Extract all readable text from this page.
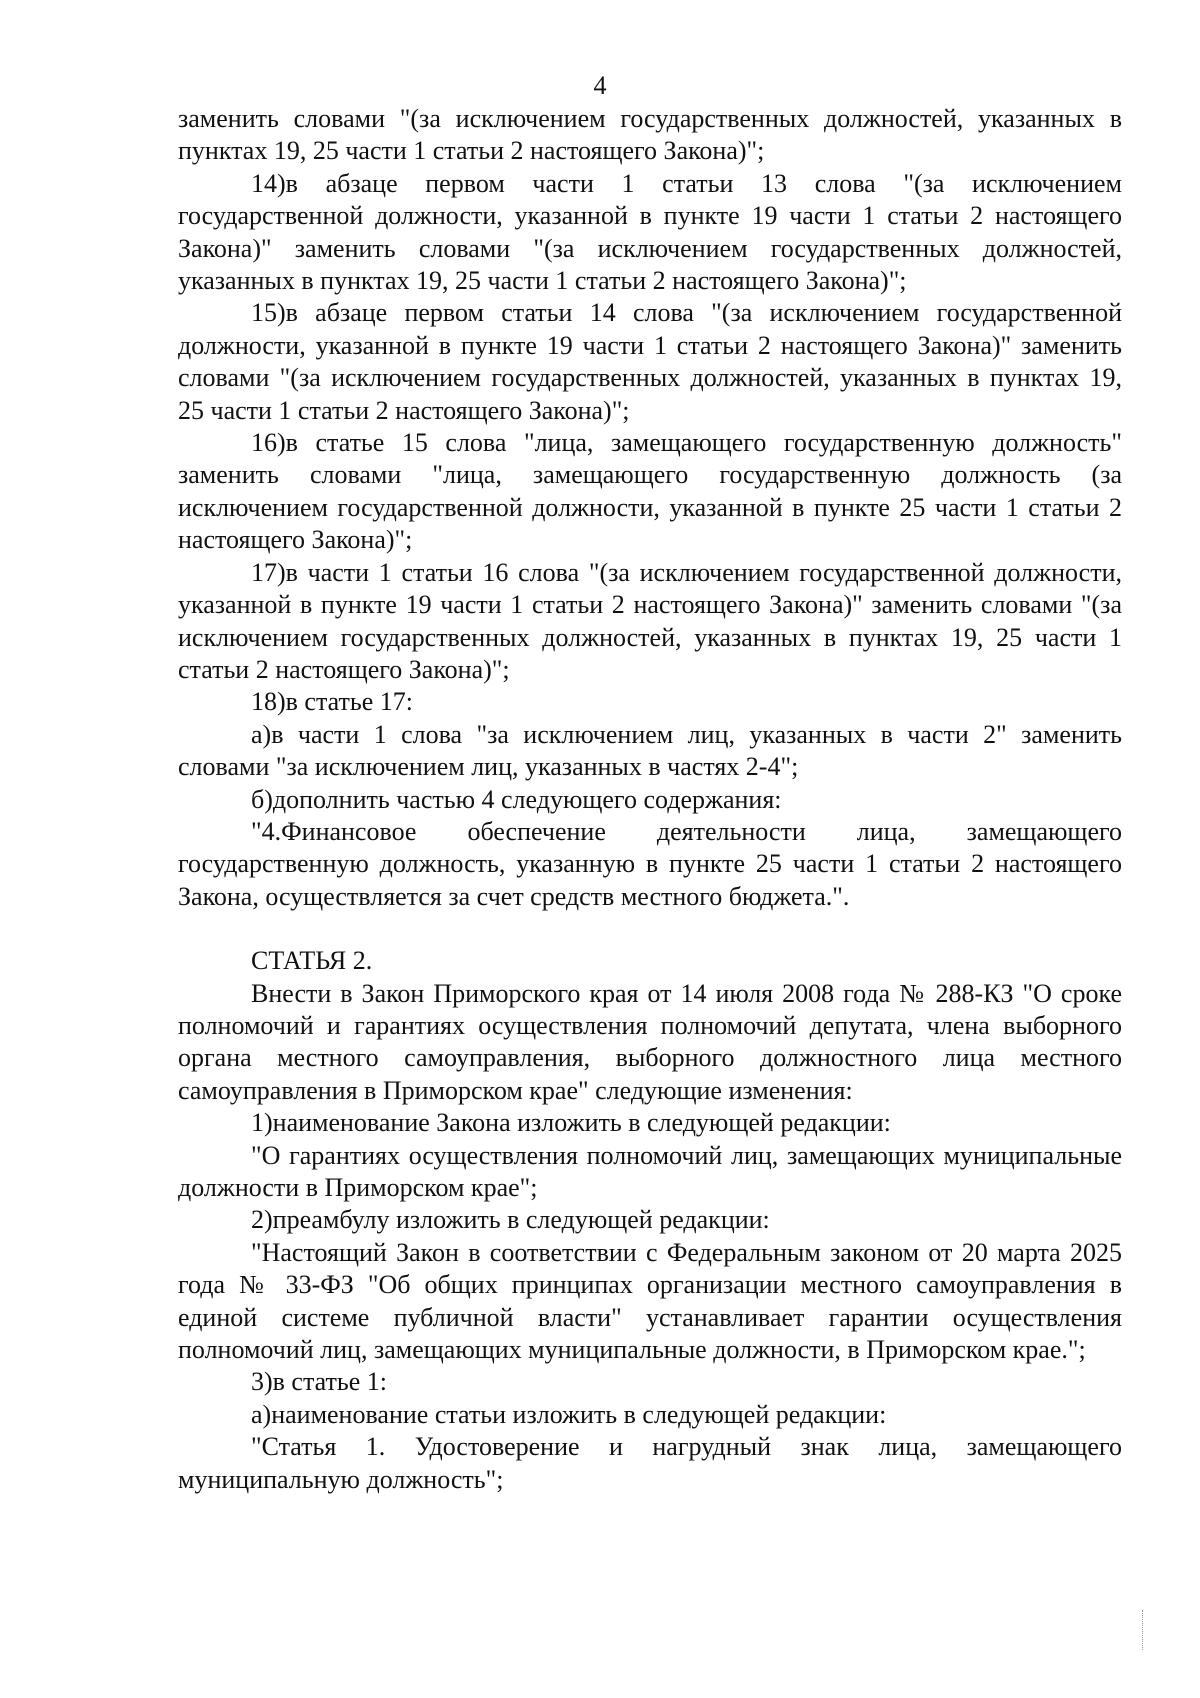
4

заменить словами "(за исключением государственных должностей, указанных в пунктах 19, 25 части 1 статьи 2 настоящего Закона)";

14)в абзаце первом части 1 статьи 13 слова "(за исключением государственной должности, указанной в пункте 19 части 1 статьи 2 настоящего Закона)" заменить словами "(за исключением государственных должностей, указанных в пунктах 19, 25 части 1 статьи 2 настоящего Закона)";

15)в абзаце первом статьи 14 слова "(за исключением государственной должности, указанной в пункте 19 части 1 статьи 2 настоящего Закона)" заменить словами "(за исключением государственных должностей, указанных в пунктах 19, 25 части 1 статьи 2 настоящего Закона)";

16)в статье 15 слова "лица, замещающего государственную должность" заменить словами "лица, замещающего государственную должность (за исключением государственной должности, указанной в пункте 25 части 1 статьи 2 настоящего Закона)";

17)в части 1 статьи 16 слова "(за исключением государственной должности, указанной в пункте 19 части 1 статьи 2 настоящего Закона)" заменить словами "(за исключением государственных должностей, указанных в пунктах 19, 25 части 1 статьи 2 настоящего Закона)";

18)в статье 17:

а)в части 1 слова "за исключением лиц, указанных в части 2" заменить словами "за исключением лиц, указанных в частях 2-4";

б)дополнить частью 4 следующего содержания:

"4.Финансовое обеспечение деятельности лица, замещающего государственную должность, указанную в пункте 25 части 1 статьи 2 настоящего Закона, осуществляется за счет средств местного бюджета.".

СТАТЬЯ 2.

Внести в Закон Приморского края от 14 июля 2008 года № 288-КЗ "О сроке полномочий и гарантиях осуществления полномочий депутата, члена выборного органа местного самоуправления, выборного должностного лица местного самоуправления в Приморском крае" следующие изменения:

1)наименование Закона изложить в следующей редакции:

"О гарантиях осуществления полномочий лиц, замещающих муниципальные должности в Приморском крае";

2)преамбулу изложить в следующей редакции:

"Настоящий Закон в соответствии с Федеральным законом от 20 марта 2025 года № 33-ФЗ "Об общих принципах организации местного самоуправления в единой системе публичной власти" устанавливает гарантии осуществления полномочий лиц, замещающих муниципальные должности, в Приморском крае.";

3)в статье 1:

а)наименование статьи изложить в следующей редакции:

"Статья 1. Удостоверение и нагрудный знак лица, замещающего муниципальную должность";
